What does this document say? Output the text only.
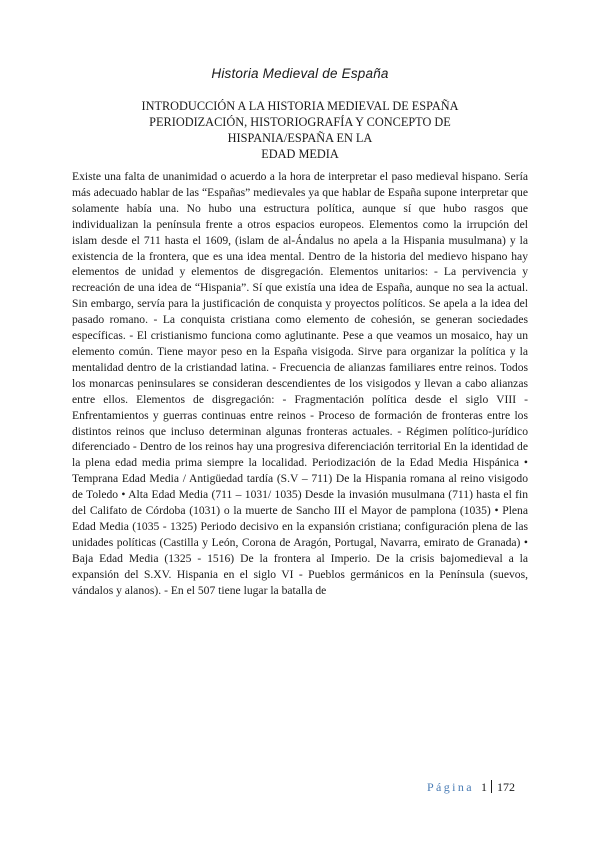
Historia Medieval de España
INTRODUCCIÓN A LA HISTORIA MEDIEVAL DE ESPAÑA
PERIODIZACIÓN, HISTORIOGRAFÍA Y CONCEPTO DE HISPANIA/ESPAÑA EN LA
EDAD MEDIA

Existe una falta de unanimidad o acuerdo a la hora de interpretar el paso medieval hispano. Sería más adecuado hablar de las “Españas” medievales ya que hablar de España supone interpretar que solamente había una. No hubo una estructura política, aunque sí que hubo rasgos que individualizan la península frente a otros espacios europeos. Elementos como la irrupción del islam desde el 711 hasta el 1609, (islam de al-Ándalus no apela a la Hispania musulmana) y la existencia de la frontera, que es una idea mental. Dentro de la historia del medievo hispano hay elementos de unidad y elementos de disgregación. Elementos unitarios: - La pervivencia y recreación de una idea de “Hispania”. Sí que existía una idea de España, aunque no sea la actual. Sin embargo, servía para la justificación de conquista y proyectos políticos. Se apela a la idea del pasado romano. - La conquista cristiana como elemento de cohesión, se generan sociedades específicas. - El cristianismo funciona como aglutinante. Pese a que veamos un mosaico, hay un elemento común. Tiene mayor peso en la España visigoda. Sirve para organizar la política y la mentalidad dentro de la cristiandad latina. - Frecuencia de alianzas familiares entre reinos. Todos los monarcas peninsulares se consideran descendientes de los visigodos y llevan a cabo alianzas entre ellos. Elementos de disgregación: - Fragmentación política desde el siglo VIII - Enfrentamientos y guerras continuas entre reinos - Proceso de formación de fronteras entre los distintos reinos que incluso determinan algunas fronteras actuales. - Régimen político-jurídico diferenciado - Dentro de los reinos hay una progresiva diferenciación territorial En la identidad de la plena edad media prima siempre la localidad. Periodización de la Edad Media Hispánica • Temprana Edad Media / Antigüedad tardía (S.V – 711) De la Hispania romana al reino visigodo de Toledo • Alta Edad Media (711 – 1031/ 1035) Desde la invasión musulmana (711) hasta el fin del Califato de Córdoba (1031) o la muerte de Sancho III el Mayor de pamplona (1035) • Plena Edad Media (1035 - 1325) Periodo decisivo en la expansión cristiana; configuración plena de las unidades políticas (Castilla y León, Corona de Aragón, Portugal, Navarra, emirato de Granada) • Baja Edad Media (1325 - 1516) De la frontera al Imperio. De la crisis bajomedieval a la expansión del S.XV. Hispania en el siglo VI - Pueblos germánicos en la Península (suevos, vándalos y alanos). - En el 507 tiene lugar la batalla de

Página 1 172
